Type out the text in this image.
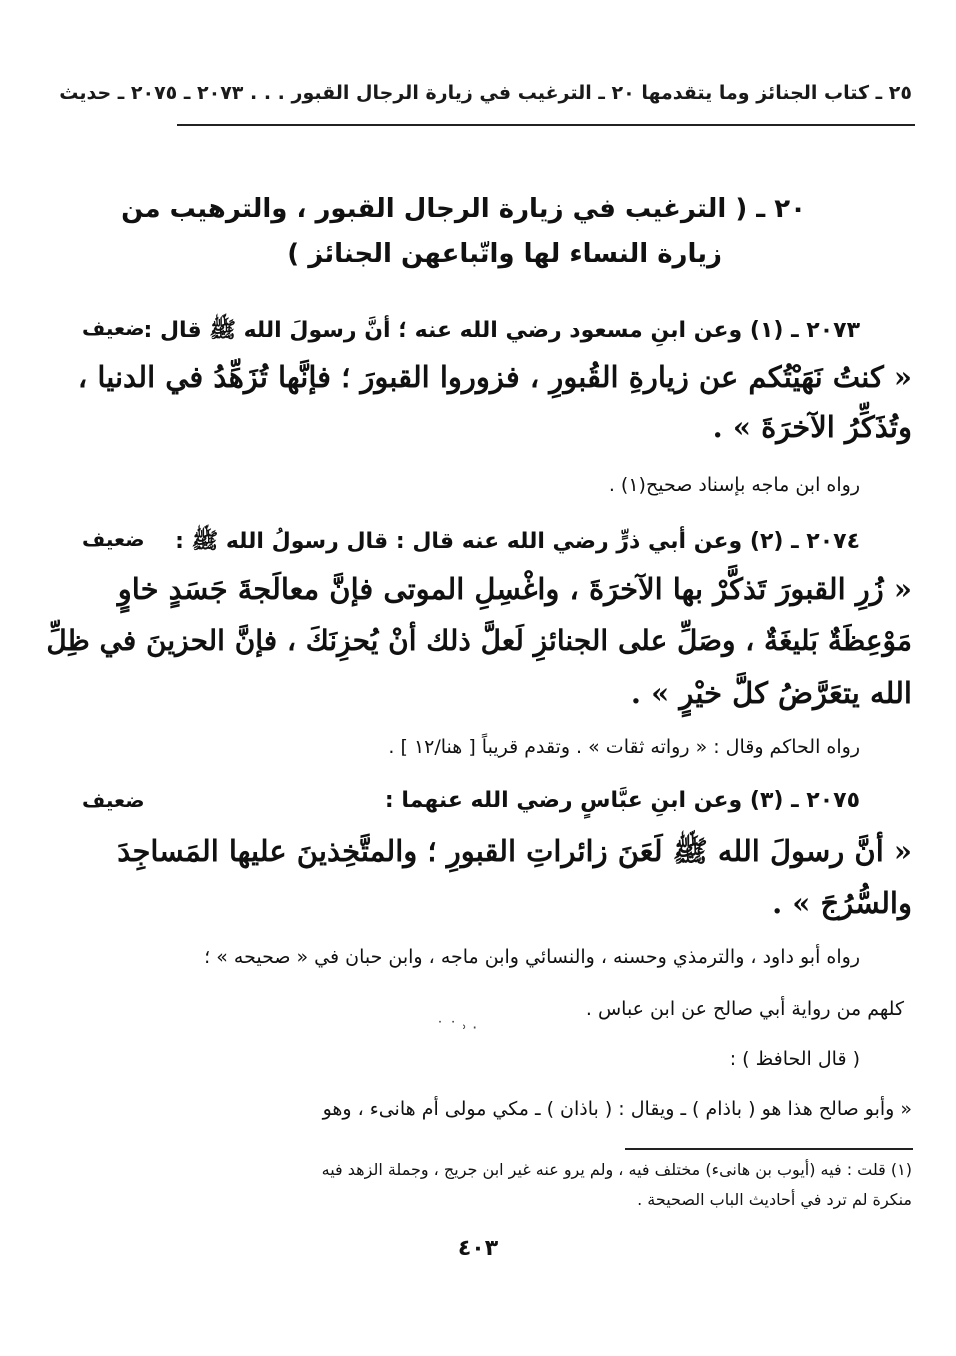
٢٥ ـ كتاب الجنائز وما يتقدمها ٢٠ ـ الترغيب في زيارة الرجال القبور . . . ٢٠٧٣ ـ ٢٠٧٥ ـ حديث
٢٠ ـ ( الترغيب في زيارة الرجال القبور ، والترهيب من
زيارة النساء لها واتّباعهن الجنائز )
ضعيف
٢٠٧٣ ـ (١) وعن ابنِ مسعود رضي الله عنه ؛ أنَّ رسولَ الله ﷺ قال :
« كنتُ نَهَيْتُكم عن زيارةِ القُبورِ ، فزوروا القبورَ ؛ فإنَّها تُزَهِّدُ في الدنيا ،
وتُذَكِّرُ الآخرَةَ » .
رواه ابن ماجه بإسناد صحيح(١) .
ضعيف ٢٠٧٤ ـ (٢) وعن أبي ذرٍّ رضي الله عنه قال : قال رسولُ الله ﷺ :
« زُرِ القبورَ تَذكَّرْ بها الآخرَةَ ، واغْسِلِ الموتى فإنَّ معالَجةَ جَسَدٍ خاوٍ
مَوْعِظَةٌ بَليغَةٌ ، وصَلِّ على الجنائزِ لَعلَّ ذلك أنْ يُحزِنَكَ ، فإنَّ الحزينَ في ظِلِّ
الله يتعَرَّضُ كلَّ خيْرٍ » .
رواه الحاكم وقال : « رواته ثقات » . وتقدم قريباً [ هنا/١٢ ] .
ضعيف	٢٠٧٥ ـ (٣) وعن ابنِ عبَّاسٍ رضي الله عنهما :
« أنَّ رسولَ الله ﷺ لَعَنَ زائراتِ القبورِ ؛ والمتَّخِذينَ عليها المَساجِدَ
والسُّرُجَ » .
رواه أبو داود ، والترمذي وحسنه ، والنسائي وابن ماجه ، وابن حبان في « صحيحه » ؛
كلهم من رواية أبي صالح عن ابن عباس .
˙ ˙ ˒ ·
( قال الحافظ ) :
« وأبو صالح هذا هو ( باذام ) ـ ويقال : ( باذان ) ـ مكي مولى أم هانىء ، وهو
(١) قلت : فيه (أيوب بن هانىء) مختلف فيه ، ولم يرو عنه غير ابن جريج ، وجملة الزهد فيه
منكرة لم ترد في أحاديث الباب الصحيحة .
٤٠٣
